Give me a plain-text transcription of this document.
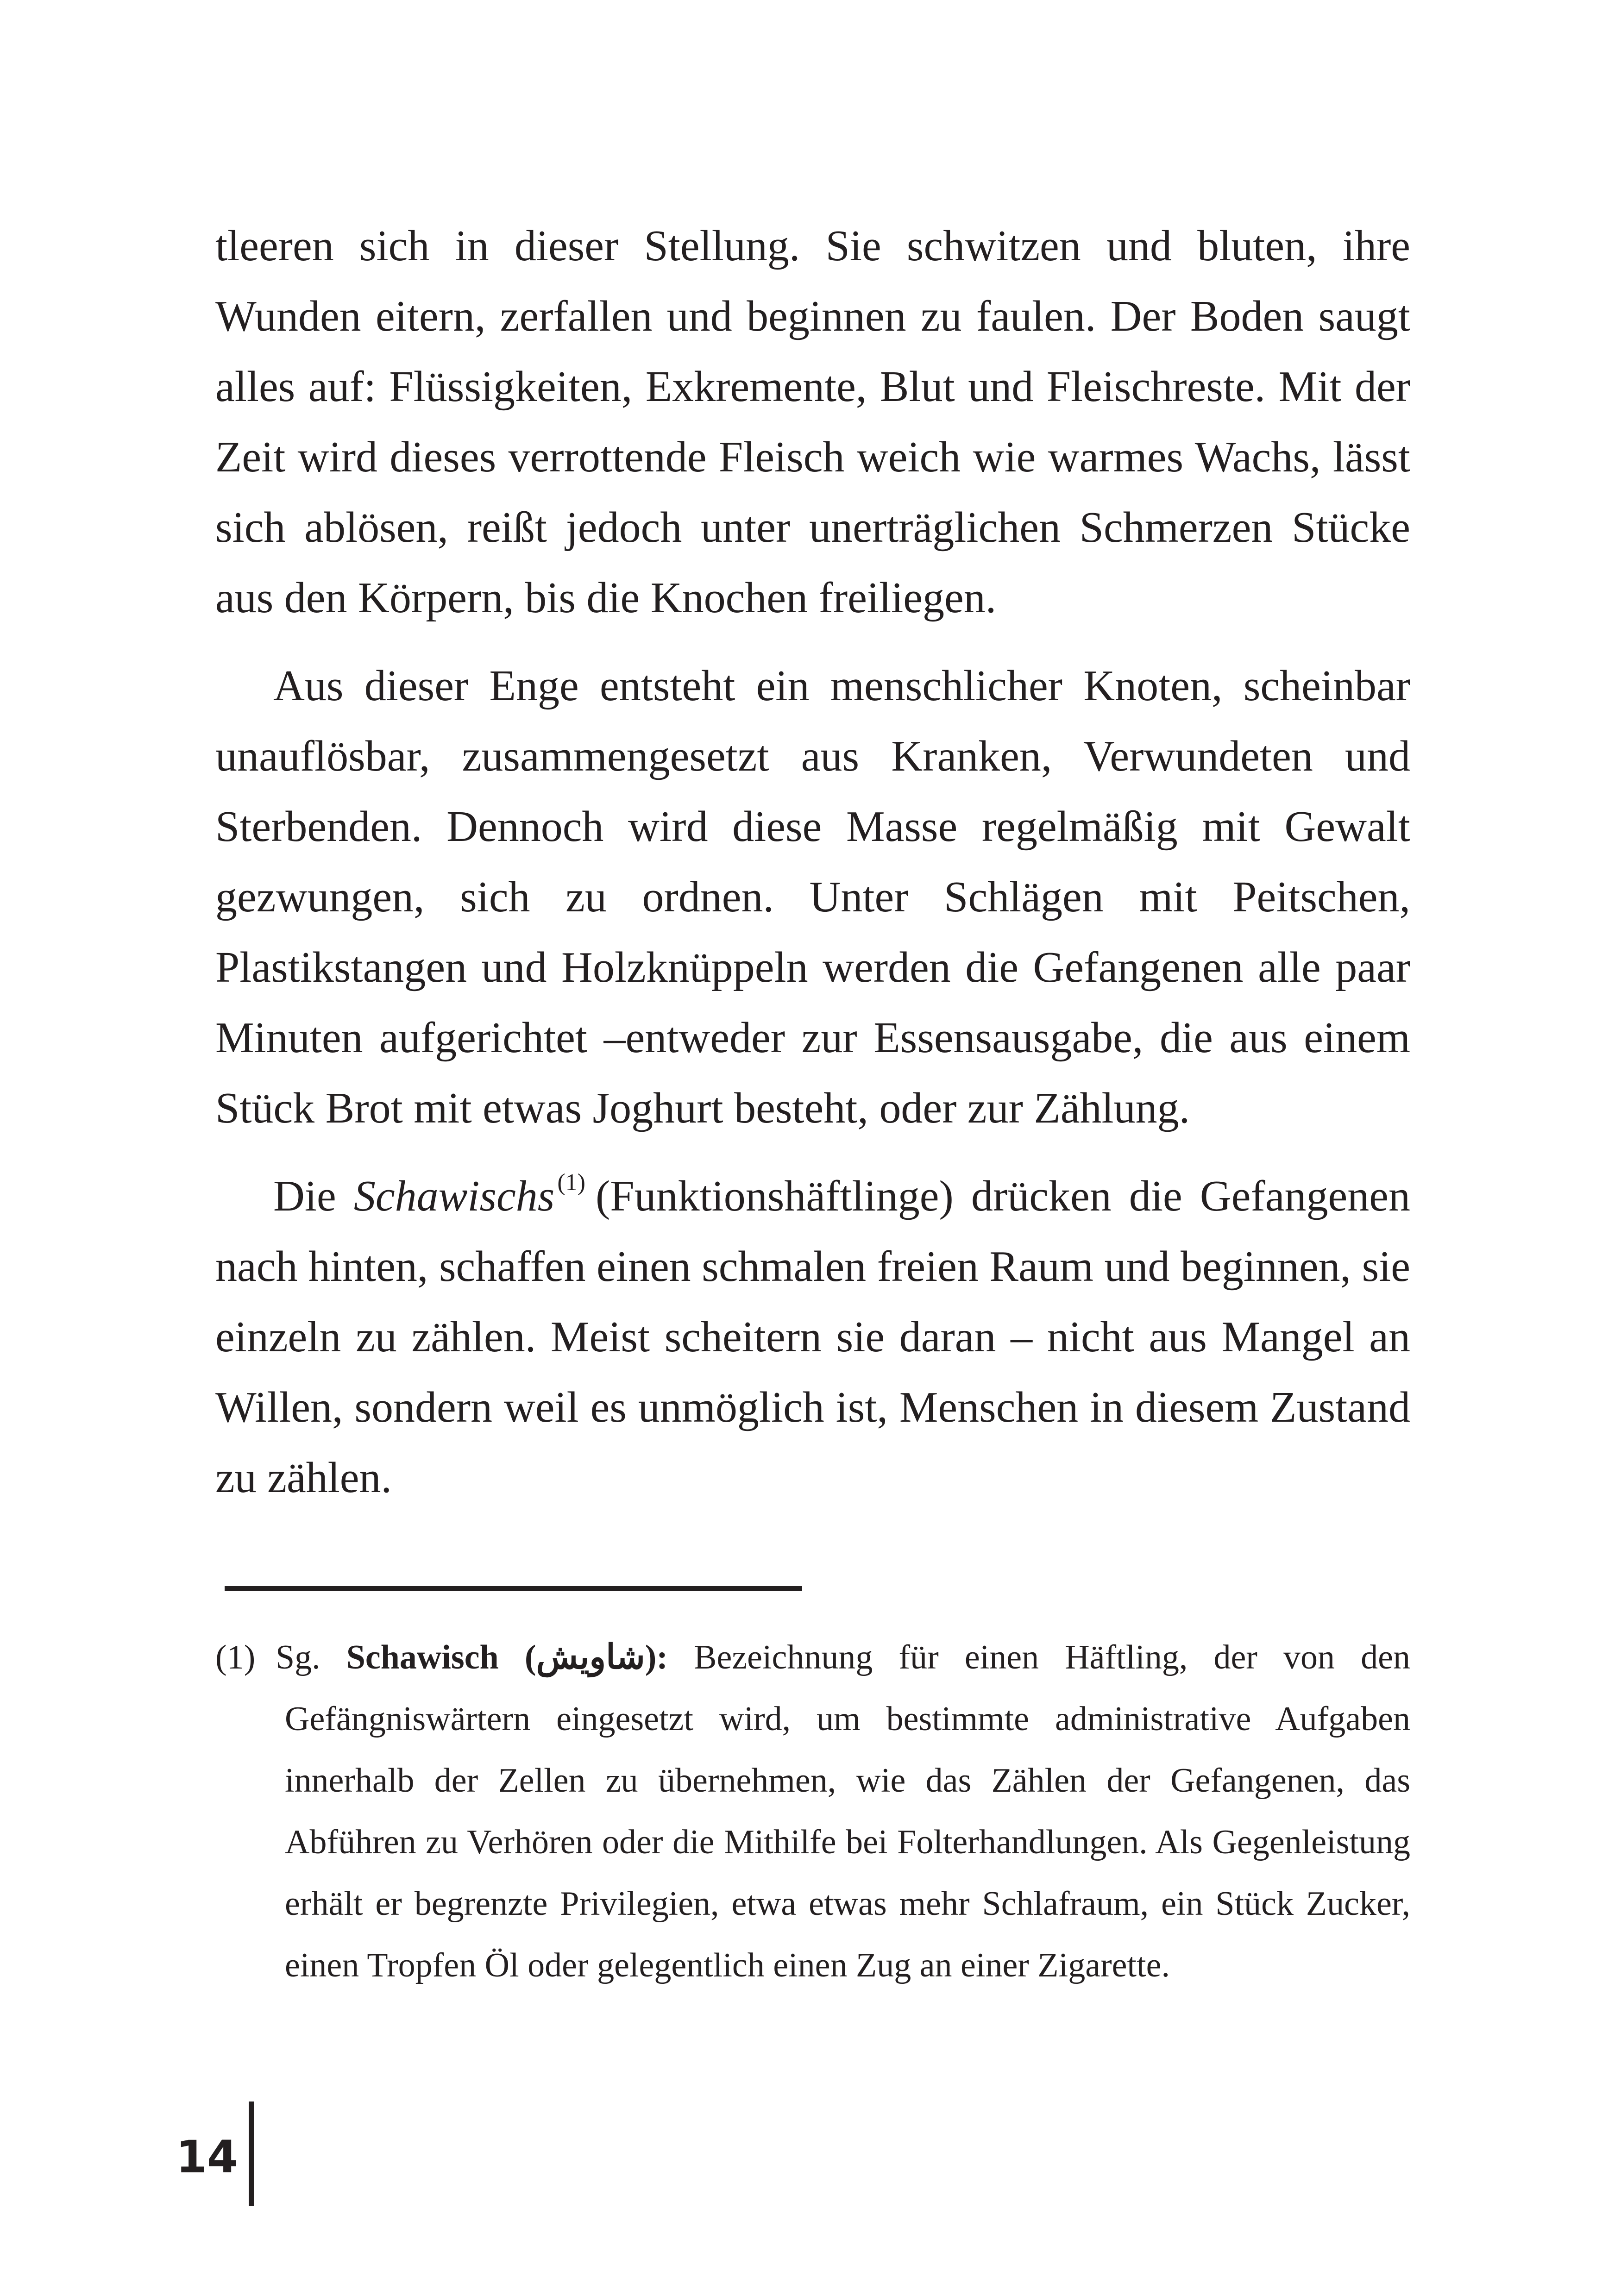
tleeren sich in dieser Stellung. Sie schwitzen und bluten, ihre Wunden eitern, zerfallen und beginnen zu faulen. Der Boden saugt alles auf: Flüssigkeiten, Exkremente, Blut und Fleischreste. Mit der Zeit wird dieses verrottende Fleisch weich wie warmes Wachs, lässt sich ablösen, reißt jedoch unter unerträglichen Schmerzen Stücke aus den Körpern, bis die Knochen freiliegen.

Aus dieser Enge entsteht ein menschlicher Knoten, scheinbar unauflösbar, zusammengesetzt aus Kranken, Verwundeten und Sterbenden. Dennoch wird diese Masse regelmäßig mit Gewalt gezwungen, sich zu ordnen. Unter Schlägen mit Peitschen, Plastikstangen und Holzknüppeln werden die Gefangenen alle paar Minuten aufgerichtet –entweder zur Essensausgabe, die aus einem Stück Brot mit etwas Joghurt besteht, oder zur Zählung.

Die Schawischs $^{(1)}$ (Funktionshäftlinge) drücken die Gefangenen nach hinten, schaffen einen schmalen freien Raum und beginnen, sie einzeln zu zählen. Meist scheitern sie daran – nicht aus Mangel an Willen, sondern weil es unmöglich ist, Menschen in diesem Zustand zu zählen.

(1) Sg. Schawisch (شاويش): Bezeichnung für einen Häftling, der von den Gefängniswärtern eingesetzt wird, um bestimmte administrative Aufgaben innerhalb der Zellen zu übernehmen, wie das Zählen der Gefangenen, das Abführen zu Verhören oder die Mithilfe bei Folterhandlungen. Als Gegenleistung erhält er begrenzte Privilegien, etwa etwas mehr Schlafraum, ein Stück Zucker, einen Tropfen Öl oder gelegentlich einen Zug an einer Zigarette.
14
